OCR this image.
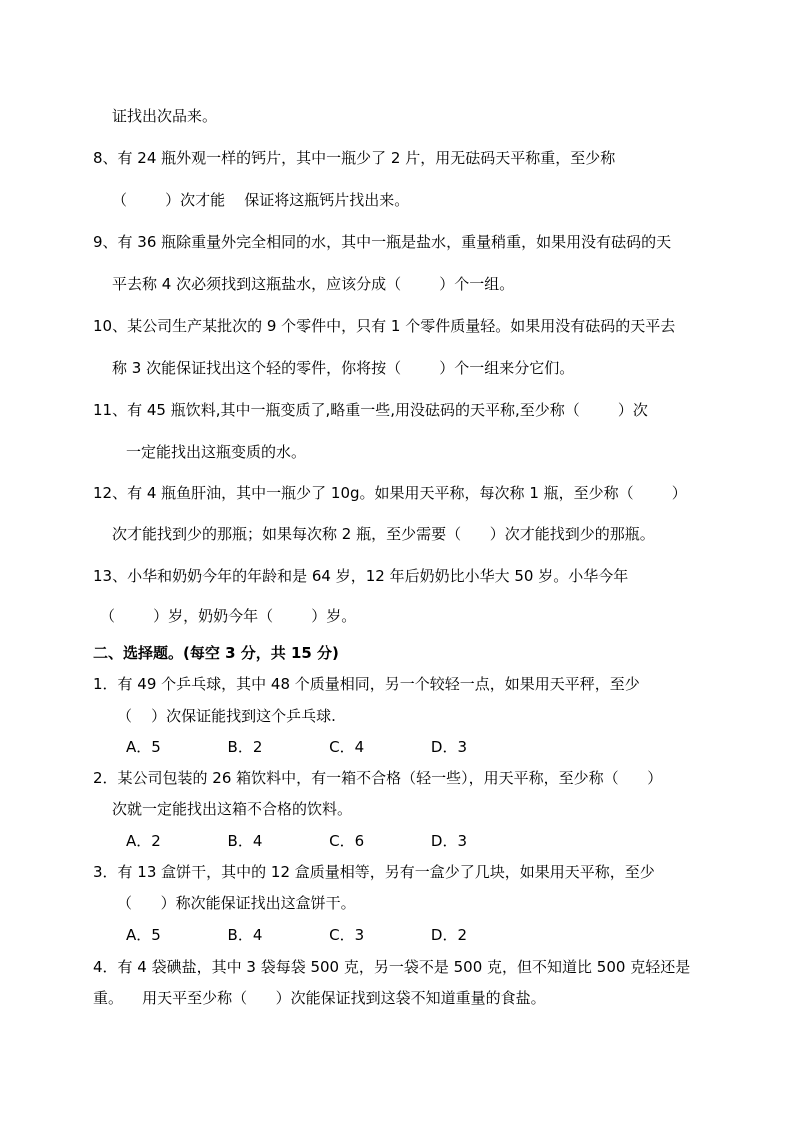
证找出次品来。
8、有 24 瓶外观一样的钙片，其中一瓶少了 2 片，用无砝码天平称重，至少称
（        ）次才能    保证将这瓶钙片找出来。
9、有 36 瓶除重量外完全相同的水，其中一瓶是盐水，重量稍重，如果用没有砝码的天
平去称 4 次必须找到这瓶盐水，应该分成（        ）个一组。
10、某公司生产某批次的 9 个零件中，只有 1 个零件质量轻。如果用没有砝码的天平去
称 3 次能保证找出这个轻的零件，你将按（        ）个一组来分它们。
11、有 45 瓶饮料,其中一瓶变质了,略重一些,用没砝码的天平称,至少称（        ）次
一定能找出这瓶变质的水。
12、有 4 瓶鱼肝油，其中一瓶少了 10g。如果用天平称，每次称 1 瓶，至少称（        ）
次才能找到少的那瓶；如果每次称 2 瓶，至少需要（      ）次才能找到少的那瓶。
13、小华和奶奶今年的年龄和是 64 岁，12 年后奶奶比小华大 50 岁。小华今年
（        ）岁，奶奶今年（        ）岁。
二、选择题。(每空 3 分，共 15 分)
1．有 49 个乒乓球，其中 48 个质量相同，另一个较轻一点，如果用天平秤，至少
（    ）次保证能找到这个乒乓球.
A．5              B．2              C．4              D．3
2．某公司包装的 26 箱饮料中，有一箱不合格（轻一些），用天平称，至少称（      ）
次就一定能找出这箱不合格的饮料。
A．2              B．4              C．6              D．3
3．有 13 盒饼干，其中的 12 盒质量相等，另有一盒少了几块，如果用天平称，至少
（      ）称次能保证找出这盒饼干。
A．5              B．4              C．3              D．2
4．有 4 袋碘盐，其中 3 袋每袋 500 克，另一袋不是 500 克，但不知道比 500 克轻还是
重。    用天平至少称（      ）次能保证找到这袋不知道重量的食盐。
